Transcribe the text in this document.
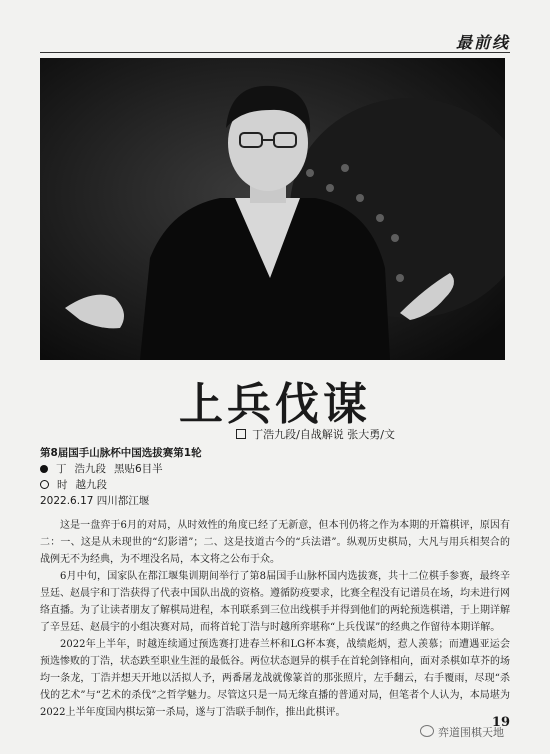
最前线
上兵伐谋
丁浩九段/自战解说 张大勇/文
第8届国手山脉杯中国选拔赛第1轮
丁 浩九段 黑贴6目半
时 越九段
2022.6.17 四川都江堰

这是一盘弈于6月的对局，从时效性的角度已经了无新意，但本刊仍将之作为本期的开篇棋评，原因有二：一、这是从未现世的“幻影谱”；二、这是技道古今的“兵法谱”。纵观历史棋局，大凡与用兵相契合的战例无不为经典，为不埋没名局，本文将之公布于众。

6月中旬，国家队在都江堰集训期间举行了第8届国手山脉杯国内选拔赛，共十二位棋手参赛，最终辛昱廷、赵晨宇和丁浩获得了代表中国队出战的资格。遵循防疫要求，比赛全程没有记谱员在场，均未进行网络直播。为了让读者朋友了解棋局进程，本刊联系到三位出线棋手并得到他们的两轮预选棋谱，于上期详解了辛昱廷、赵晨宇的小组决赛对局，而将首轮丁浩与时越所弈堪称“上兵伐谋”的经典之作留待本期详解。

2022年上半年，时越连续通过预选赛打进春兰杯和LG杯本赛，战绩彪炳，惹人羡慕；而遭遇亚运会预选惨败的丁浩，状态跌至职业生涯的最低谷。两位状态迥异的棋手在首轮剑锋相向，面对杀棋如草芥的场均一条龙，丁浩并想天开地以活拟人予，两番屠龙战就像篆首的那张照片，左手翻云，右手覆雨，尽现“杀伐的艺术”与“艺术的杀伐”之哲学魅力。尽管这只是一局无缘直播的普通对局，但笔者个人认为，本局堪为2022上半年度国内棋坛第一杀局，遂与丁浩联手制作，推出此棋评。

弈道围棋天地
19
